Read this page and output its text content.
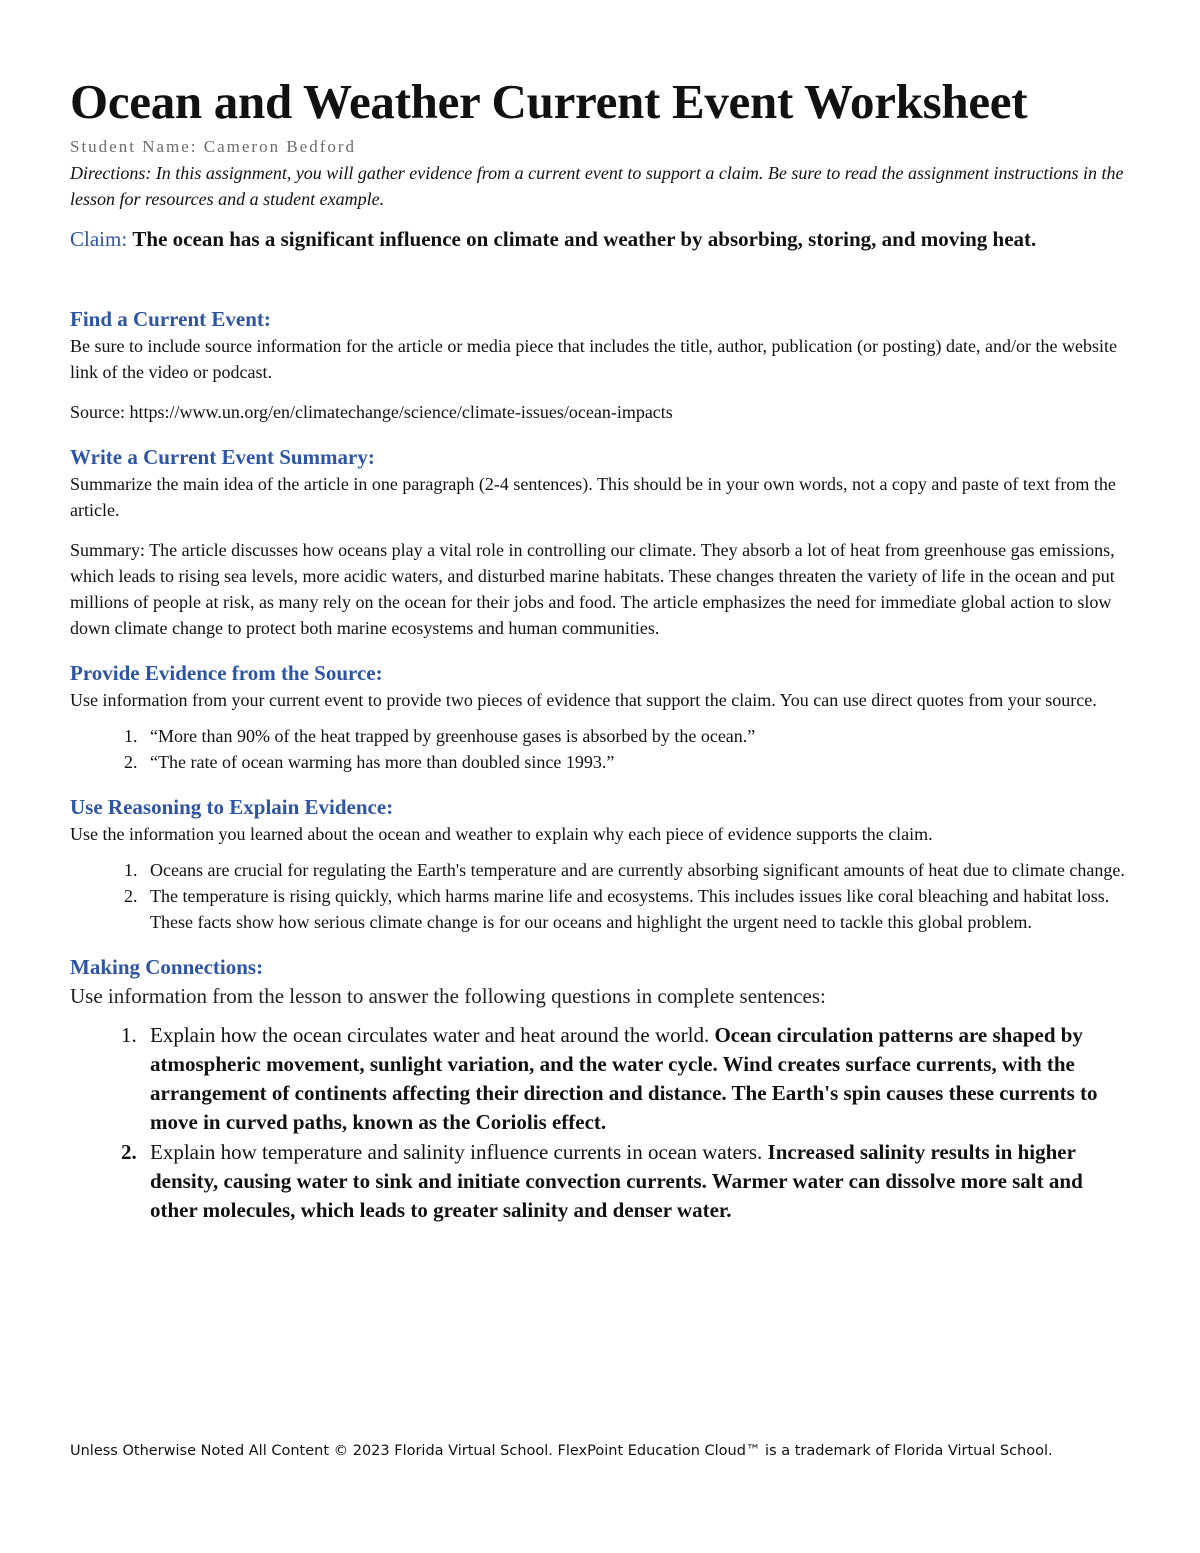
Ocean and Weather Current Event Worksheet
Student Name: Cameron Bedford
Directions: In this assignment, you will gather evidence from a current event to support a claim. Be sure to read the assignment instructions in the lesson for resources and a student example.
Claim: The ocean has a significant influence on climate and weather by absorbing, storing, and moving heat.
Find a Current Event:

Be sure to include source information for the article or media piece that includes the title, author, publication (or posting) date, and/or the website link of the video or podcast.

Source: https://www.un.org/en/climatechange/science/climate-issues/ocean-impacts

Write a Current Event Summary:

Summarize the main idea of the article in one paragraph (2-4 sentences). This should be in your own words, not a copy and paste of text from the article.

Summary: The article discusses how oceans play a vital role in controlling our climate. They absorb a lot of heat from greenhouse gas emissions, which leads to rising sea levels, more acidic waters, and disturbed marine habitats. These changes threaten the variety of life in the ocean and put millions of people at risk, as many rely on the ocean for their jobs and food. The article emphasizes the need for immediate global action to slow down climate change to protect both marine ecosystems and human communities.

Provide Evidence from the Source:

Use information from your current event to provide two pieces of evidence that support the claim. You can use direct quotes from your source.

1. “More than 90% of the heat trapped by greenhouse gases is absorbed by the ocean.”
2. “The rate of ocean warming has more than doubled since 1993.”
Use Reasoning to Explain Evidence:

Use the information you learned about the ocean and weather to explain why each piece of evidence supports the claim.

1. Oceans are crucial for regulating the Earth's temperature and are currently absorbing significant amounts of heat due to climate change.
2. The temperature is rising quickly, which harms marine life and ecosystems. This includes issues like coral bleaching and habitat loss. These facts show how serious climate change is for our oceans and highlight the urgent need to tackle this global problem.
Making Connections:
Use information from the lesson to answer the following questions in complete sentences:
1. Explain how the ocean circulates water and heat around the world. Ocean circulation patterns are shaped by atmospheric movement, sunlight variation, and the water cycle. Wind creates surface currents, with the arrangement of continents affecting their direction and distance. The Earth's spin causes these currents to move in curved paths, known as the Coriolis effect.
2. Explain how temperature and salinity influence currents in ocean waters. Increased salinity results in higher density, causing water to sink and initiate convection currents. Warmer water can dissolve more salt and other molecules, which leads to greater salinity and denser water.
Unless Otherwise Noted All Content © 2023 Florida Virtual School. FlexPoint Education Cloud™ is a trademark of Florida Virtual School.
